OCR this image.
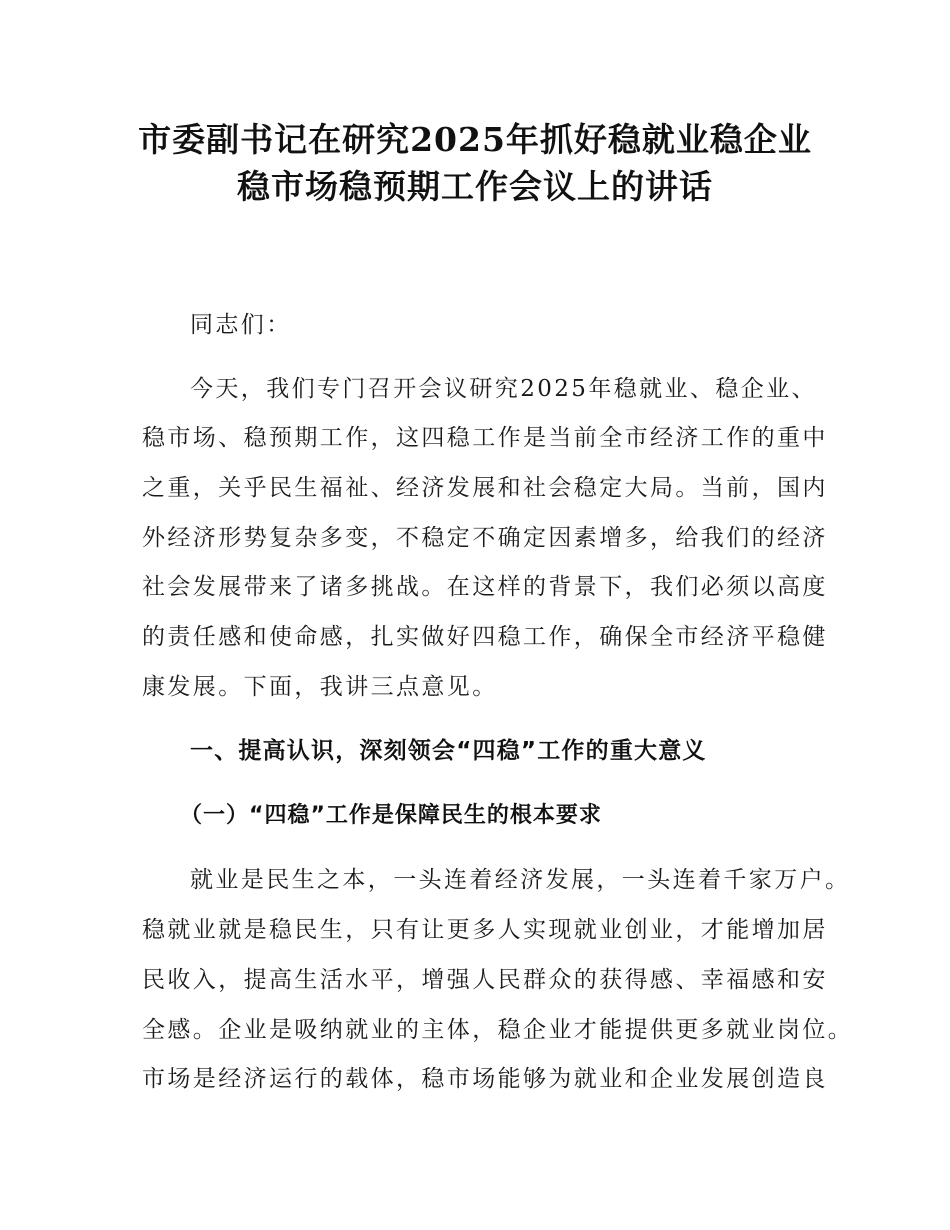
市委副书记在研究2025年抓好稳就业稳企业
稳市场稳预期工作会议上的讲话
同志们：
今天，我们专门召开会议研究2025年稳就业、稳企业、
稳市场、稳预期工作，这四稳工作是当前全市经济工作的重中
之重，关乎民生福祉、经济发展和社会稳定大局。当前，国内
外经济形势复杂多变，不稳定不确定因素增多，给我们的经济
社会发展带来了诸多挑战。在这样的背景下，我们必须以高度
的责任感和使命感，扎实做好四稳工作，确保全市经济平稳健
康发展。下面，我讲三点意见。
一、提高认识，深刻领会“四稳”工作的重大意义
（一）“四稳”工作是保障民生的根本要求
就业是民生之本，一头连着经济发展，一头连着千家万户。
稳就业就是稳民生，只有让更多人实现就业创业，才能增加居
民收入，提高生活水平，增强人民群众的获得感、幸福感和安
全感。企业是吸纳就业的主体，稳企业才能提供更多就业岗位。
市场是经济运行的载体，稳市场能够为就业和企业发展创造良
